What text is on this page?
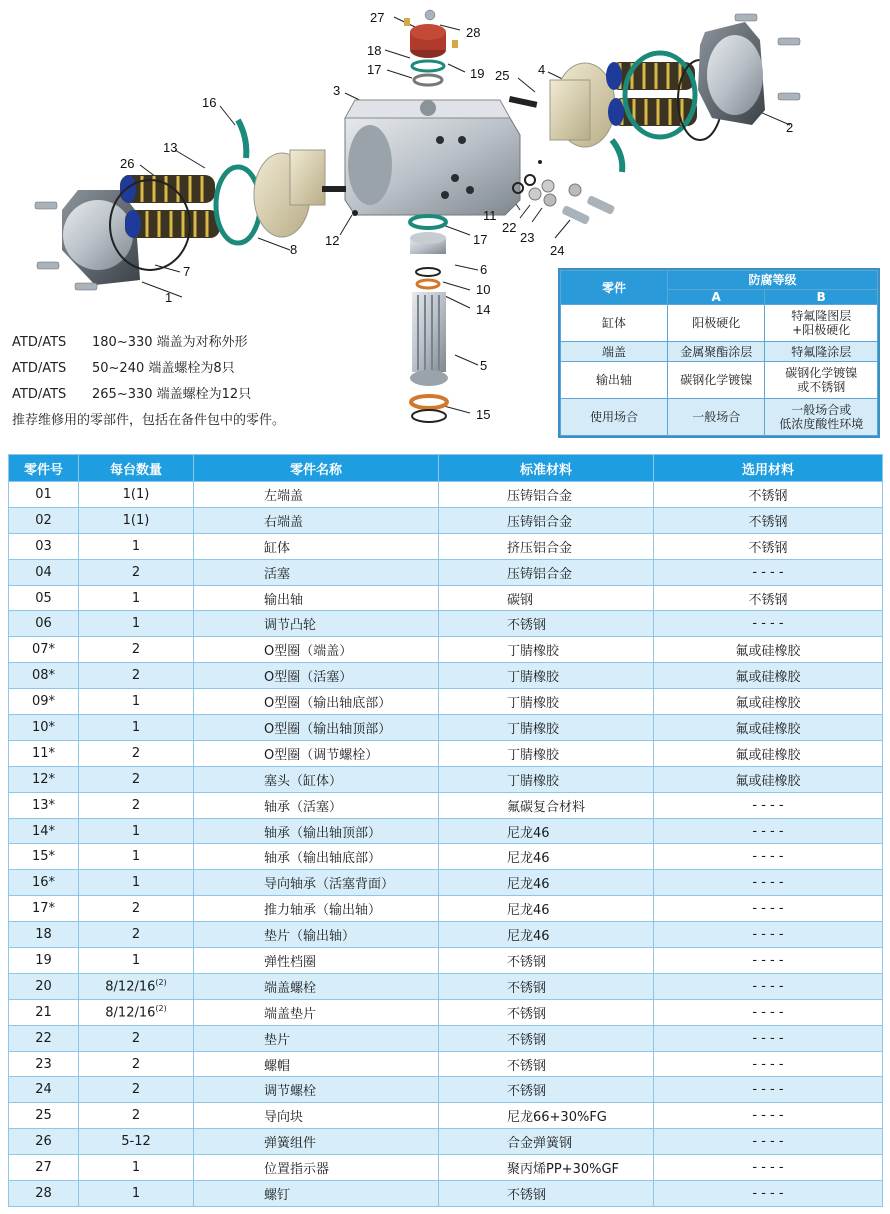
1
2
3
4
5
6
7
8
10
11
12
13
14
15
16
17
17
18
19
22
23
24
25
26
27
28
ATD/ATS 180~330 端盖为对称外形
ATD/ATS 50~240 端盖螺栓为8只
ATD/ATS 265~330 端盖螺栓为12只
推荐维修用的零部件，包括在备件包中的零件。
零件	防腐等级	
	A	B
缸体	阳极硬化	特氟隆图层
+阳极硬化
端盖	金属聚酯涂层	特氟隆涂层
输出轴	碳钢化学镀镍	碳钢化学镀镍
或不锈钢
使用场合	一般场合	一般场合或
低浓度酸性环境
零件号	每台数量	零件名称	标准材料	选用材料
01	1(1)	左端盖	压铸铝合金	不锈钢
02	1(1)	右端盖	压铸铝合金	不锈钢
03	1	缸体	挤压铝合金	不锈钢
04	2	活塞	压铸铝合金	- - - -
05	1	输出轴	碳钢	不锈钢
06	1	调节凸轮	不锈钢	- - - -
07*	2	O型圈（端盖）	丁腈橡胶	氟或硅橡胶
08*	2	O型圈（活塞）	丁腈橡胶	氟或硅橡胶
09*	1	O型圈（输出轴底部）	丁腈橡胶	氟或硅橡胶
10*	1	O型圈（输出轴顶部）	丁腈橡胶	氟或硅橡胶
11*	2	O型圈（调节螺栓）	丁腈橡胶	氟或硅橡胶
12*	2	塞头（缸体）	丁腈橡胶	氟或硅橡胶
13*	2	轴承（活塞）	氟碳复合材料	- - - -
14*	1	轴承（输出轴顶部）	尼龙46	- - - -
15*	1	轴承（输出轴底部）	尼龙46	- - - -
16*	1	导向轴承（活塞背面）	尼龙46	- - - -
17*	2	推力轴承（输出轴）	尼龙46	- - - -
18	2	垫片（输出轴）	尼龙46	- - - -
19	1	弹性档圈	不锈钢	- - - -
20	8/12/16$^{(2)}$	端盖螺栓	不锈钢	- - - -
21	8/12/16$^{(2)}$	端盖垫片	不锈钢	- - - -
22	2	垫片	不锈钢	- - - -
23	2	螺帽	不锈钢	- - - -
24	2	调节螺栓	不锈钢	- - - -
25	2	导向块	尼龙66+30%FG	- - - -
26	5-12	弹簧组件	合金弹簧钢	- - - -
27	1	位置指示器	聚丙烯PP+30%GF	- - - -
28	1	螺钉	不锈钢	- - - -
